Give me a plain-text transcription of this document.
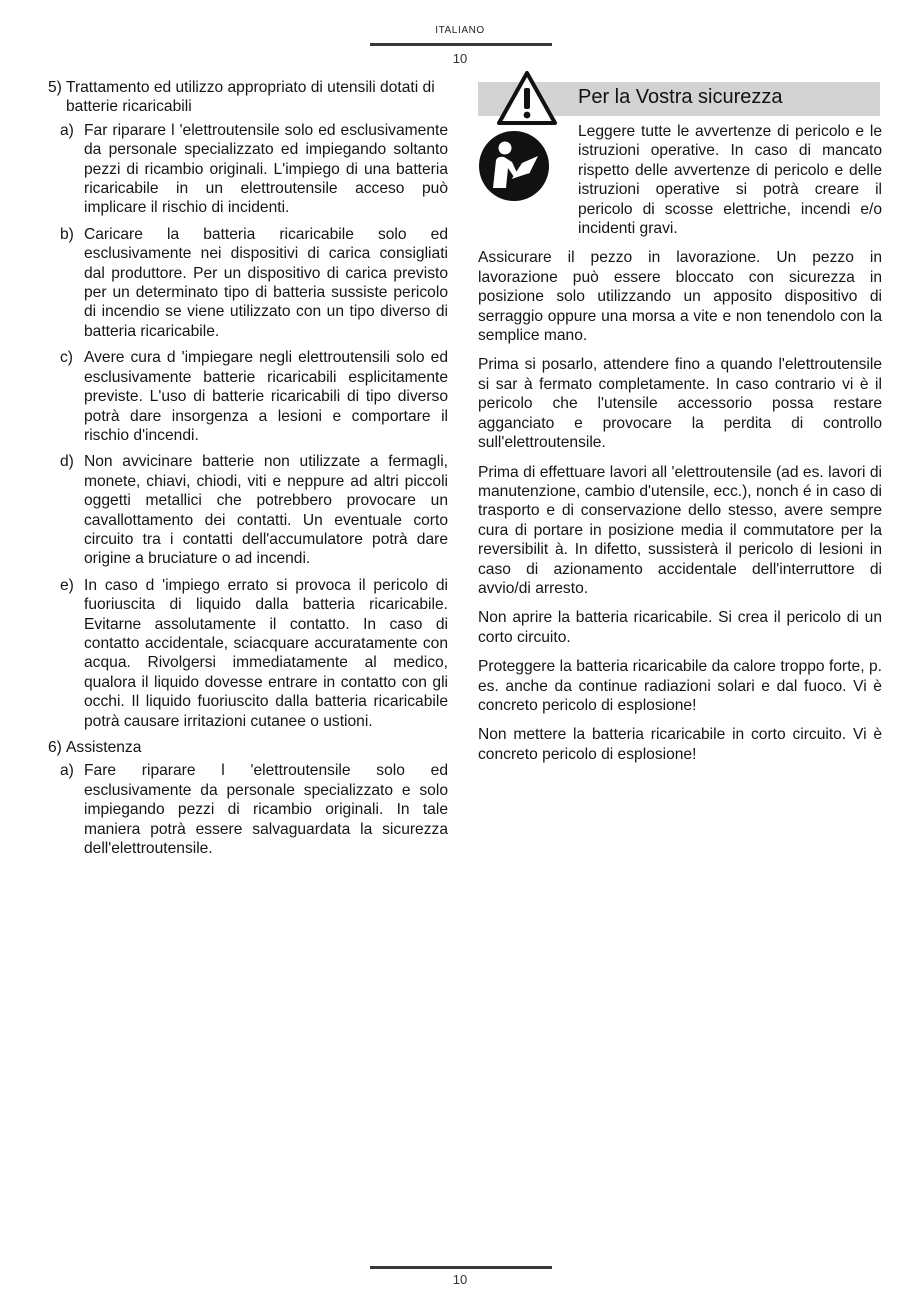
ITALIANO
10
5) Trattamento ed utilizzo appropriato di utensili dotati di batterie ricaricabili
a) Far riparare l 'elettroutensile solo ed esclusivamente da personale specializzato ed impiegando soltanto pezzi di ricambio originali. L'impiego di una batteria ricaricabile in un elettroutensile acceso può implicare il rischio di incidenti.
b) Caricare la batteria ricaricabile solo ed esclusivamente nei dispositivi di carica consigliati dal produttore. Per un dispositivo di carica previsto per un determinato tipo di batteria sussiste pericolo di incendio se viene utilizzato con un tipo diverso di batteria ricaricabile.
c) Avere cura d 'impiegare negli elettroutensili solo ed esclusivamente batterie ricaricabili esplicitamente previste. L'uso di batterie ricaricabili di tipo diverso potrà dare insorgenza a lesioni e comportare il rischio d'incendi.
d) Non avvicinare batterie non utilizzate a fermagli, monete, chiavi, chiodi, viti e neppure ad altri piccoli oggetti metallici che potrebbero provocare un cavallottamento dei contatti. Un eventuale corto circuito tra i contatti dell'accumulatore potrà dare origine a bruciature o ad incendi.
e) In caso d 'impiego errato si provoca il pericolo di fuoriuscita di liquido dalla batteria ricaricabile. Evitarne assolutamente il contatto. In caso di contatto accidentale, sciacquare accuratamente con acqua. Rivolgersi immediatamente al medico, qualora il liquido dovesse entrare in contatto con gli occhi. Il liquido fuoriuscito dalla batteria ricaricabile potrà causare irritazioni cutanee o ustioni.
6) Assistenza
a) Fare riparare l 'elettroutensile solo ed esclusivamente da personale specializzato e solo impiegando pezzi di ricambio originali. In tale maniera potrà essere salvaguardata la sicurezza dell'elettroutensile.
Per la Vostra sicurezza
Leggere tutte le avvertenze di pericolo e le istruzioni operative. In caso di mancato rispetto delle avvertenze di pericolo e delle istruzioni operative si potrà creare il pericolo di scosse elettriche, incendi e/o incidenti gravi.
Assicurare il pezzo in lavorazione. Un pezzo in lavorazione può essere bloccato con sicurezza in posizione solo utilizzando un apposito dispositivo di serraggio oppure una morsa a vite e non tenendolo con la semplice mano.
Prima si posarlo, attendere fino a quando l'elettroutensile si sar à fermato completamente. In caso contrario vi è il pericolo che l'utensile accessorio possa restare agganciato e provocare la perdita di controllo sull'elettroutensile.
Prima di effettuare lavori all 'elettroutensile (ad es. lavori di manutenzione, cambio d'utensile, ecc.), nonch é in caso di trasporto e di conservazione dello stesso, avere sempre cura di portare in posizione media il commutatore per la reversibilit à. In difetto, sussisterà il pericolo di lesioni in caso di azionamento accidentale dell'interruttore di avvio/di arresto.
Non aprire la batteria ricaricabile. Si crea il pericolo di un corto circuito.
Proteggere la batteria ricaricabile da calore troppo forte, p. es. anche da continue radiazioni solari e dal fuoco. Vi è concreto pericolo di esplosione!
Non mettere la batteria ricaricabile in corto circuito. Vi è concreto pericolo di esplosione!
10
